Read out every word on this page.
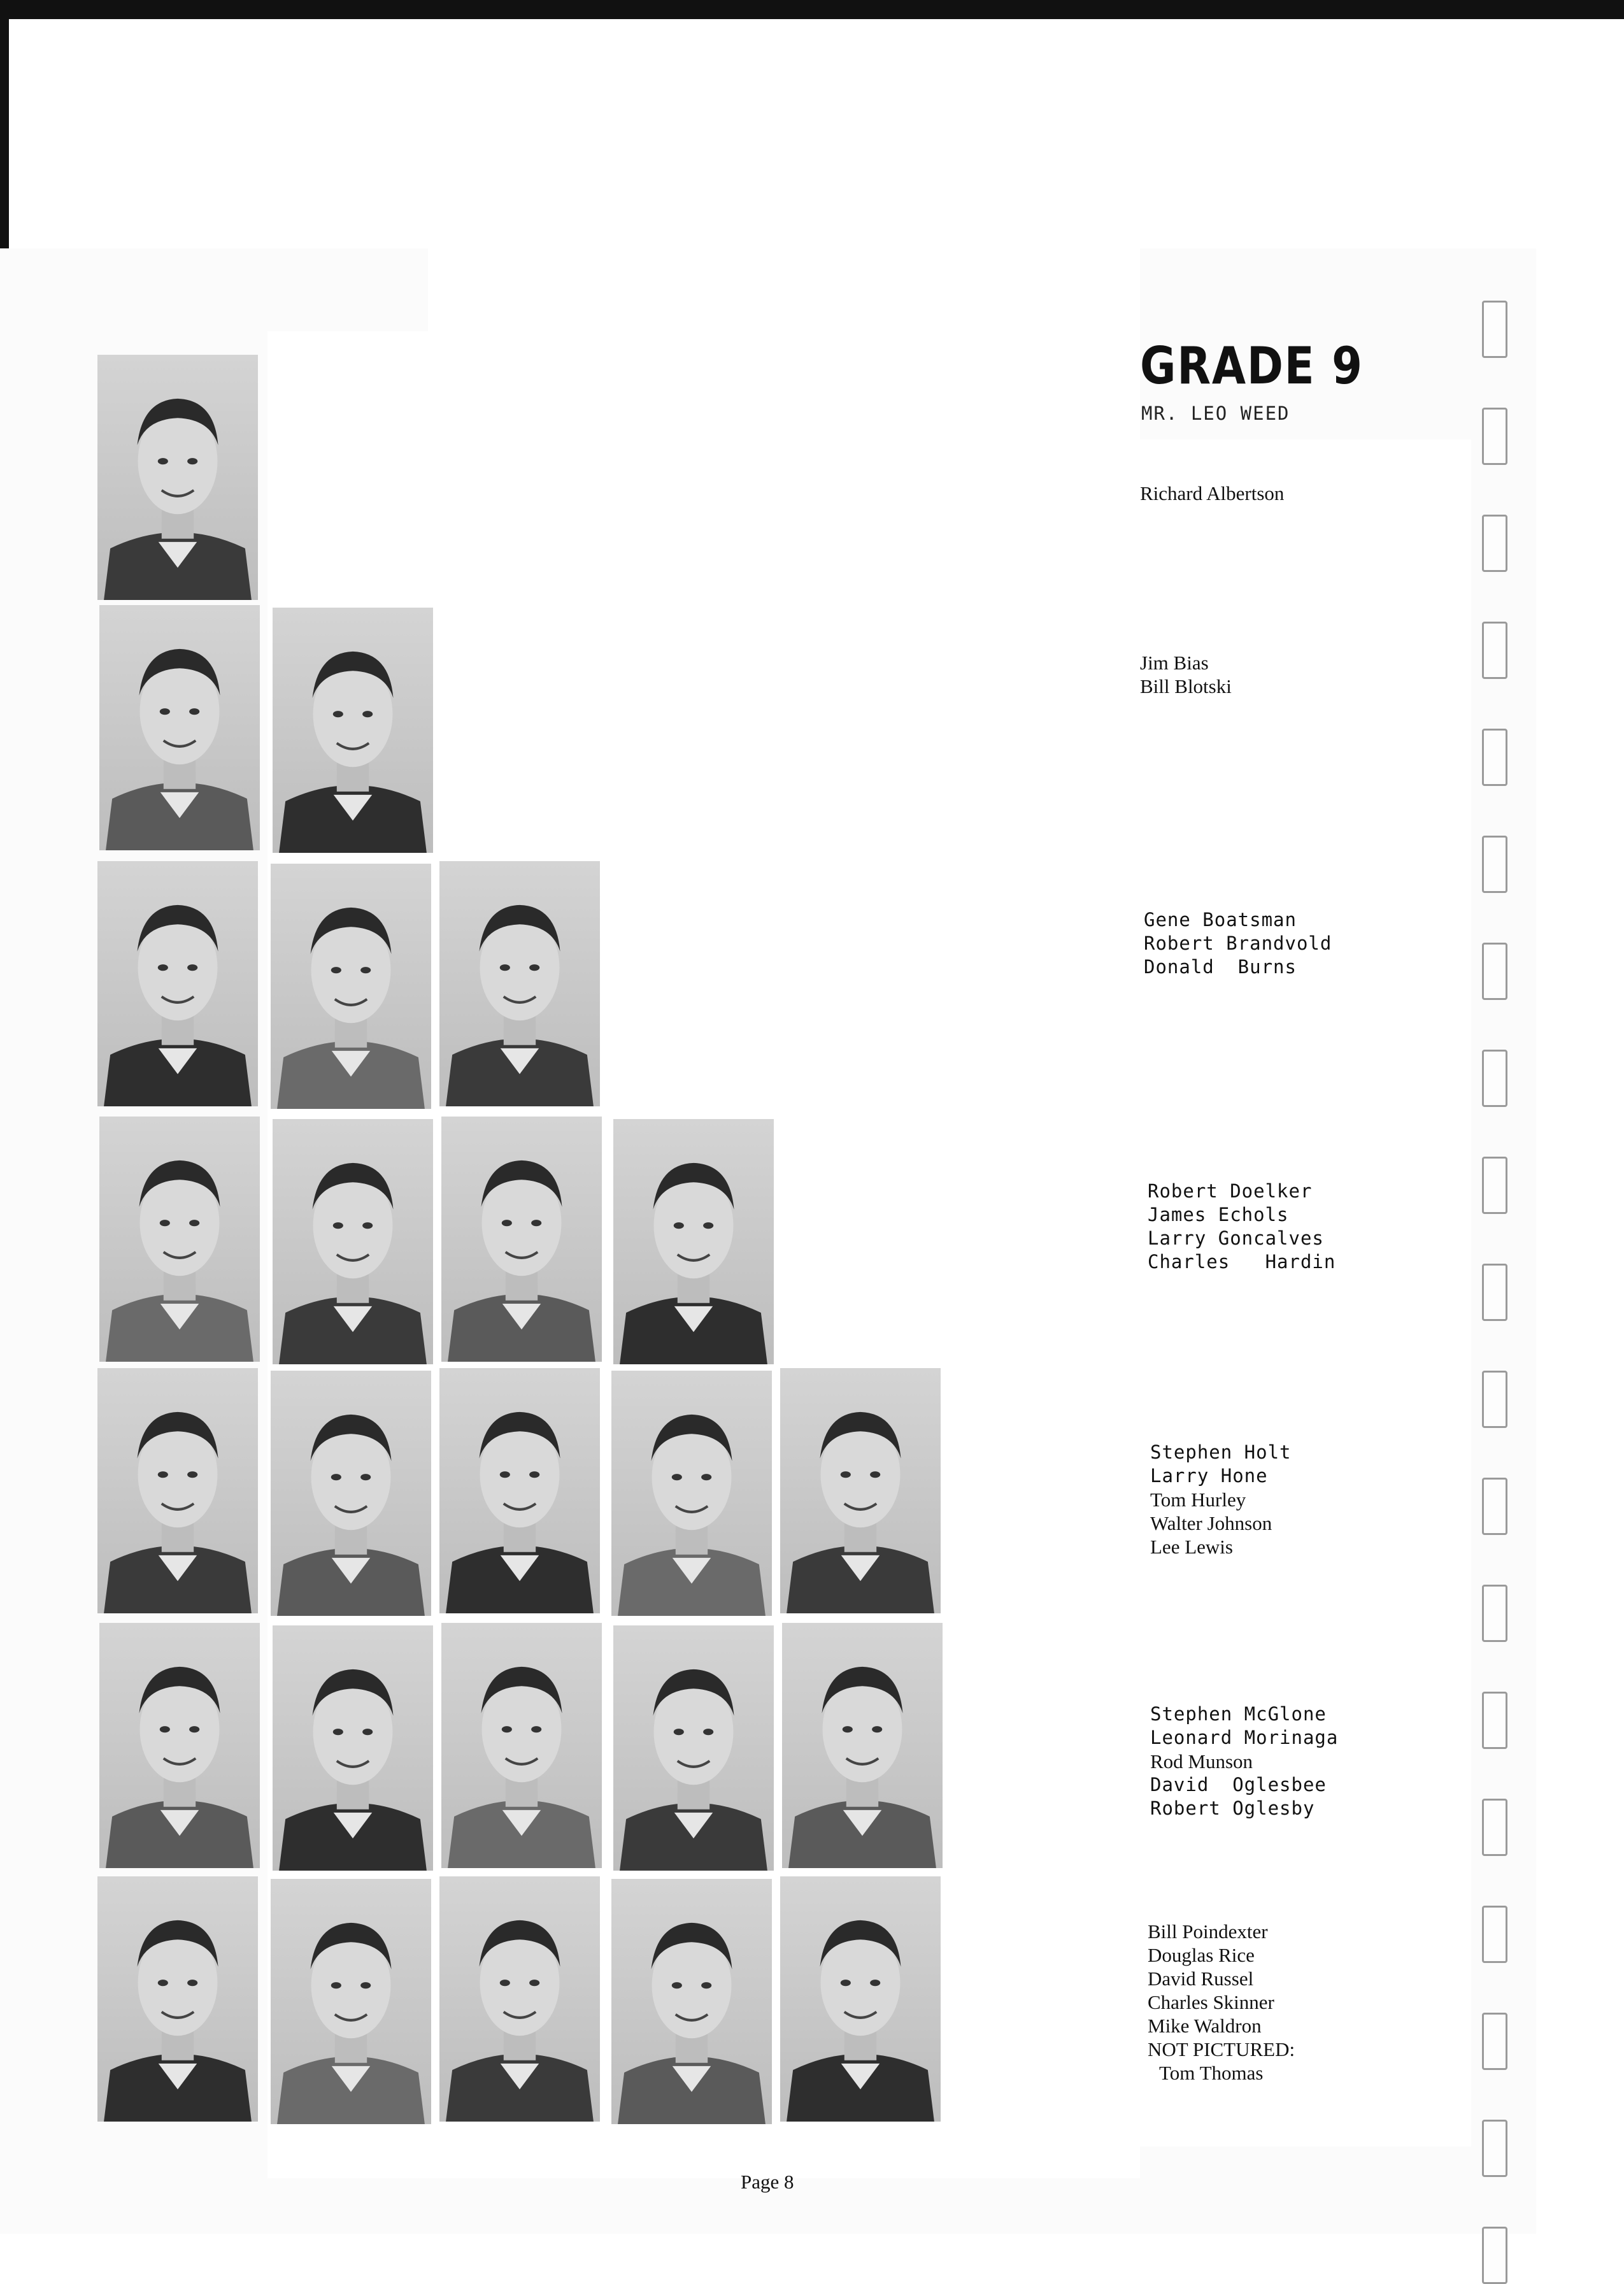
GRADE 9
MR. LEO WEED
Richard Albertson
Jim Bias
Bill Blotski
Gene Boatsman
Robert Brandvold
Donald  Burns
Robert Doelker
James Echols
Larry Goncalves
Charles   Hardin
Stephen Holt
Larry Hone
Tom Hurley
Walter Johnson
Lee Lewis
Stephen McGlone
Leonard Morinaga
Rod Munson
David  Oglesbee
Robert Oglesby
Bill Poindexter
Douglas Rice
David Russel
Charles Skinner
Mike Waldron
NOT PICTURED:
Tom Thomas
Page 8
